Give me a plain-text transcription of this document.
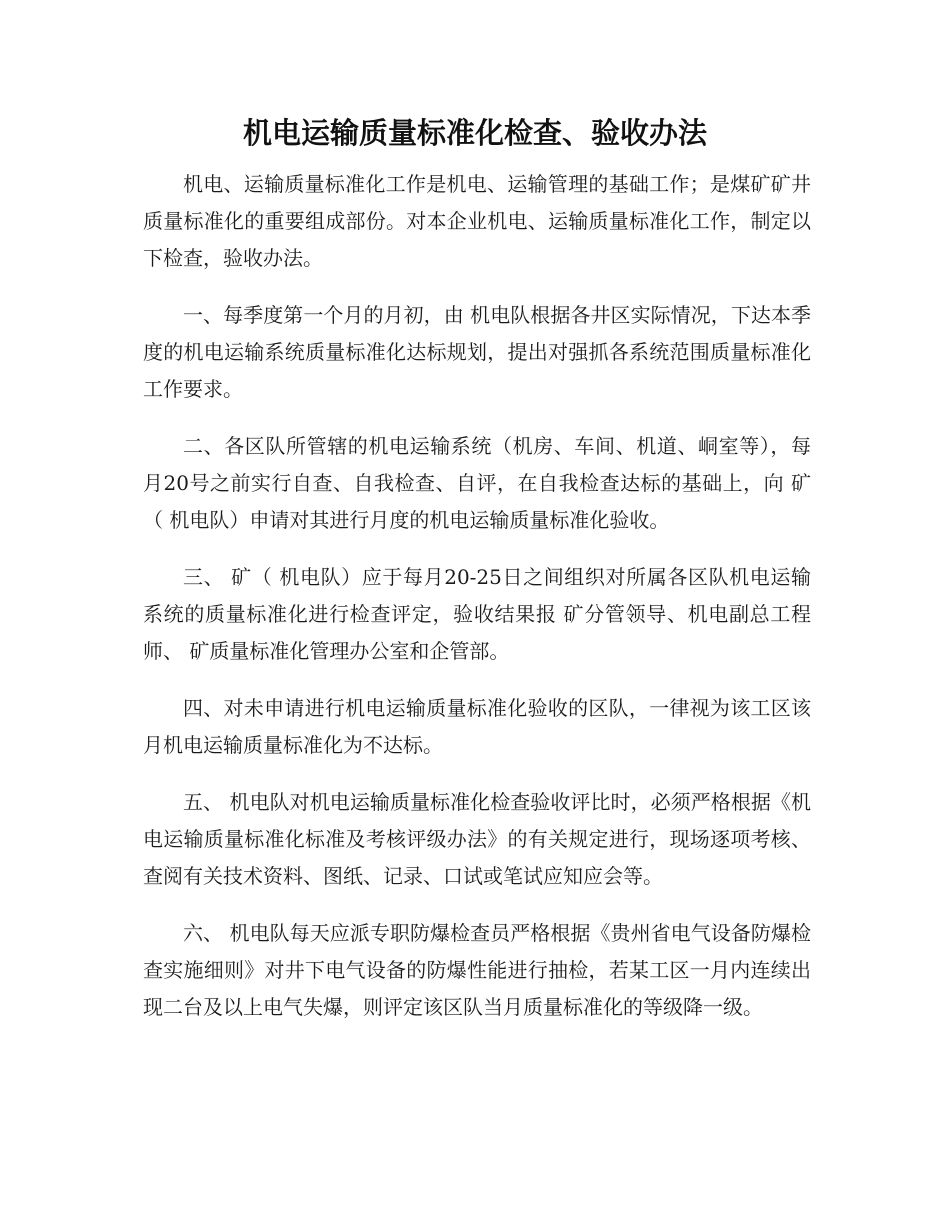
机电运输质量标准化检查、验收办法

机电、运输质量标准化工作是机电、运输管理的基础工作；是煤矿矿井质量标准化的重要组成部份。对本企业机电、运输质量标准化工作，制定以下检查，验收办法。

一、每季度第一个月的月初，由 机电队根据各井区实际情况，下达本季度的机电运输系统质量标准化达标规划，提出对强抓各系统范围质量标准化工作要求。

二、各区队所管辖的机电运输系统（机房、车间、机道、峒室等），每月20号之前实行自查、自我检查、自评，在自我检查达标的基础上，向 矿（ 机电队）申请对其进行月度的机电运输质量标准化验收。

三、 矿（ 机电队）应于每月20-25日之间组织对所属各区队机电运输系统的质量标准化进行检查评定，验收结果报 矿分管领导、机电副总工程师、 矿质量标准化管理办公室和企管部。

四、对未申请进行机电运输质量标准化验收的区队，一律视为该工区该月机电运输质量标准化为不达标。

五、 机电队对机电运输质量标准化检查验收评比时，必须严格根据《机电运输质量标准化标准及考核评级办法》的有关规定进行，现场逐项考核、查阅有关技术资料、图纸、记录、口试或笔试应知应会等。

六、 机电队每天应派专职防爆检查员严格根据《贵州省电气设备防爆检查实施细则》对井下电气设备的防爆性能进行抽检，若某工区一月内连续出现二台及以上电气失爆，则评定该区队当月质量标准化的等级降一级。
